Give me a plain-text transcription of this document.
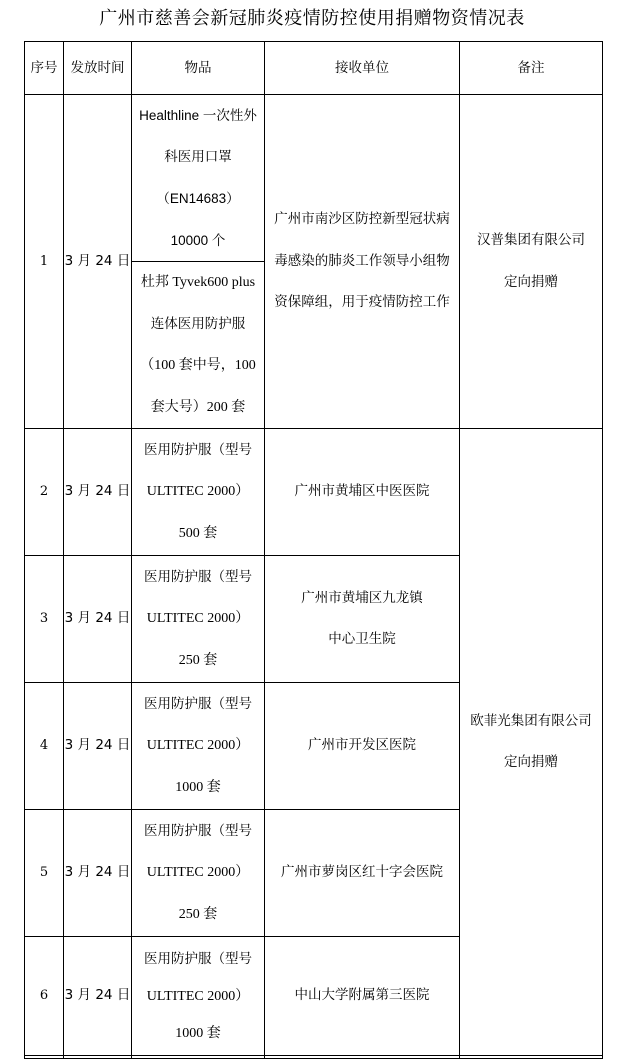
广州市慈善会新冠肺炎疫情防控使用捐赠物资情况表
序号	发放时间	物品	接收单位	备注
1	3 月 24 日	Healthline 一次性外
科医用口罩
（EN14683）
10000 个	广州市南沙区防控新型冠状病
毒感染的肺炎工作领导小组物
资保障组，用于疫情防控工作	汉普集团有限公司
定向捐赠

		杜邦 Tyvek600 plus
连体医用防护服
（100 套中号，100
套大号）200 套		

2	3 月 24 日	医用防护服（型号
ULTITEC 2000）
500 套	广州市黄埔区中医医院	欧菲光集团有限公司
定向捐赠

3	3 月 24 日	医用防护服（型号
ULTITEC 2000）
250 套	广州市黄埔区九龙镇
中心卫生院	

4	3 月 24 日	医用防护服（型号
ULTITEC 2000）
1000 套	广州市开发区医院	

5	3 月 24 日	医用防护服（型号
ULTITEC 2000）
250 套	广州市萝岗区红十字会医院	

6	3 月 24 日	医用防护服（型号
ULTITEC 2000）
1000 套	中山大学附属第三医院	
